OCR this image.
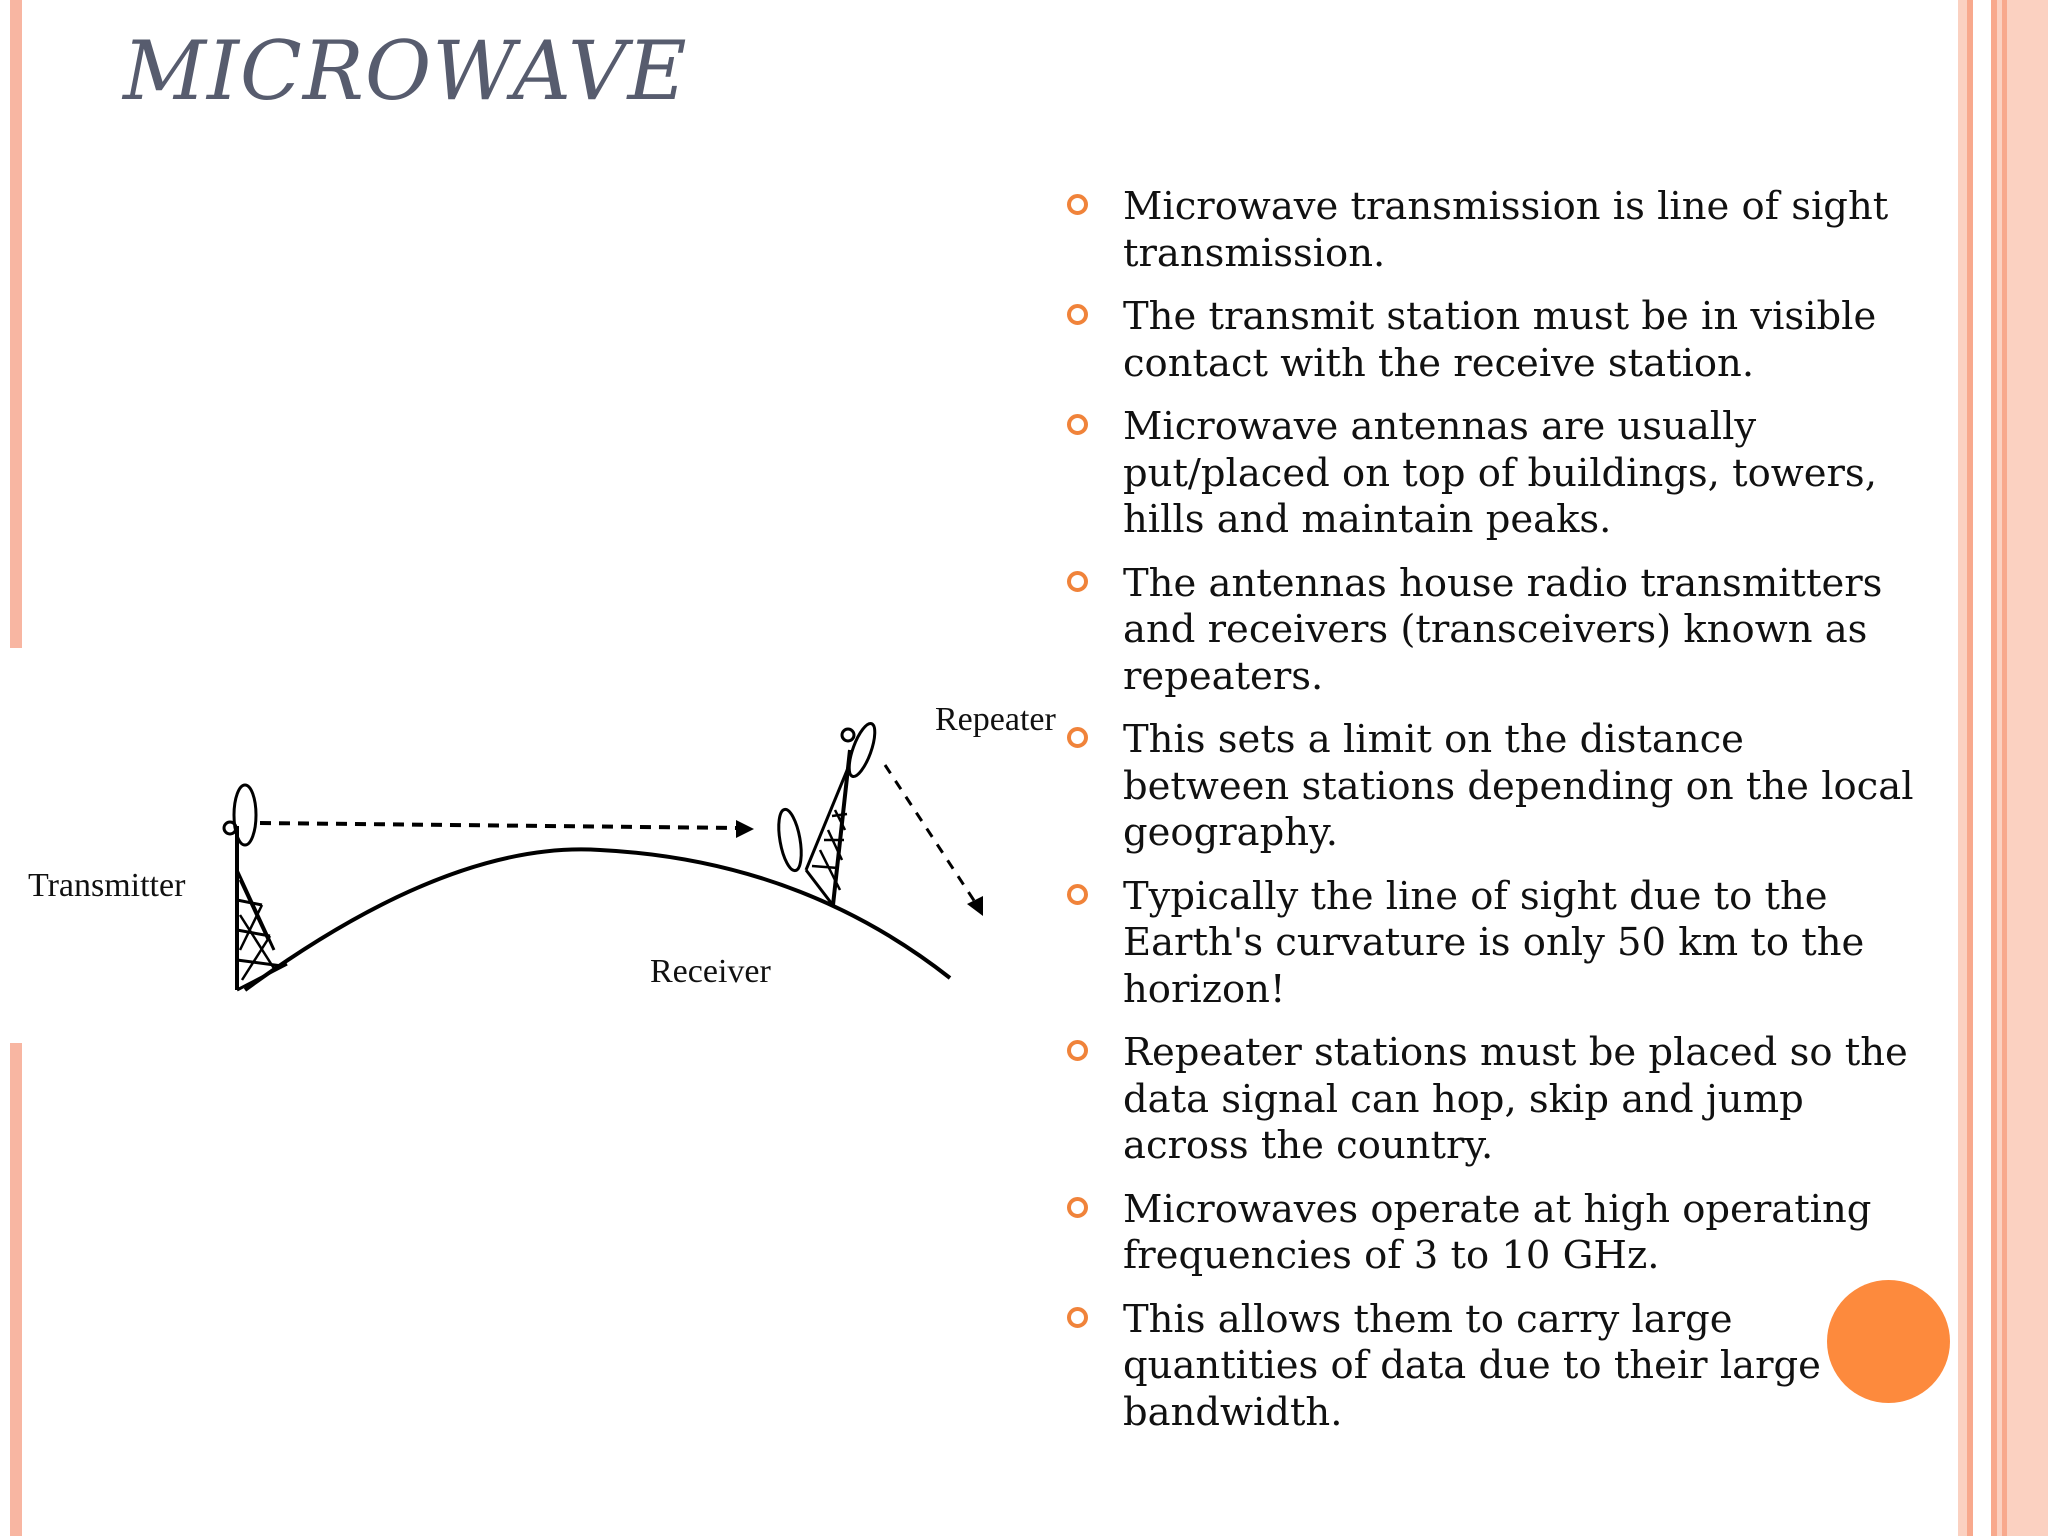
MICROWAVE
Transmitter
Receiver
Repeater
Microwave transmission is line of sight
transmission.
The transmit station must be in visible
contact with the receive station.
Microwave antennas are usually
put/placed on top of buildings, towers,
hills and maintain peaks.
The antennas house radio transmitters
and receivers (transceivers) known as
repeaters.
This sets a limit on the distance
between stations depending on the local
geography.
Typically the line of sight due to the
Earth's curvature is only 50 km to the
horizon!
Repeater stations must be placed so the
data signal can hop, skip and jump
across the country.
Microwaves operate at high operating
frequencies of 3 to 10 GHz.
This allows them to carry large
quantities of data due to their large
bandwidth.
